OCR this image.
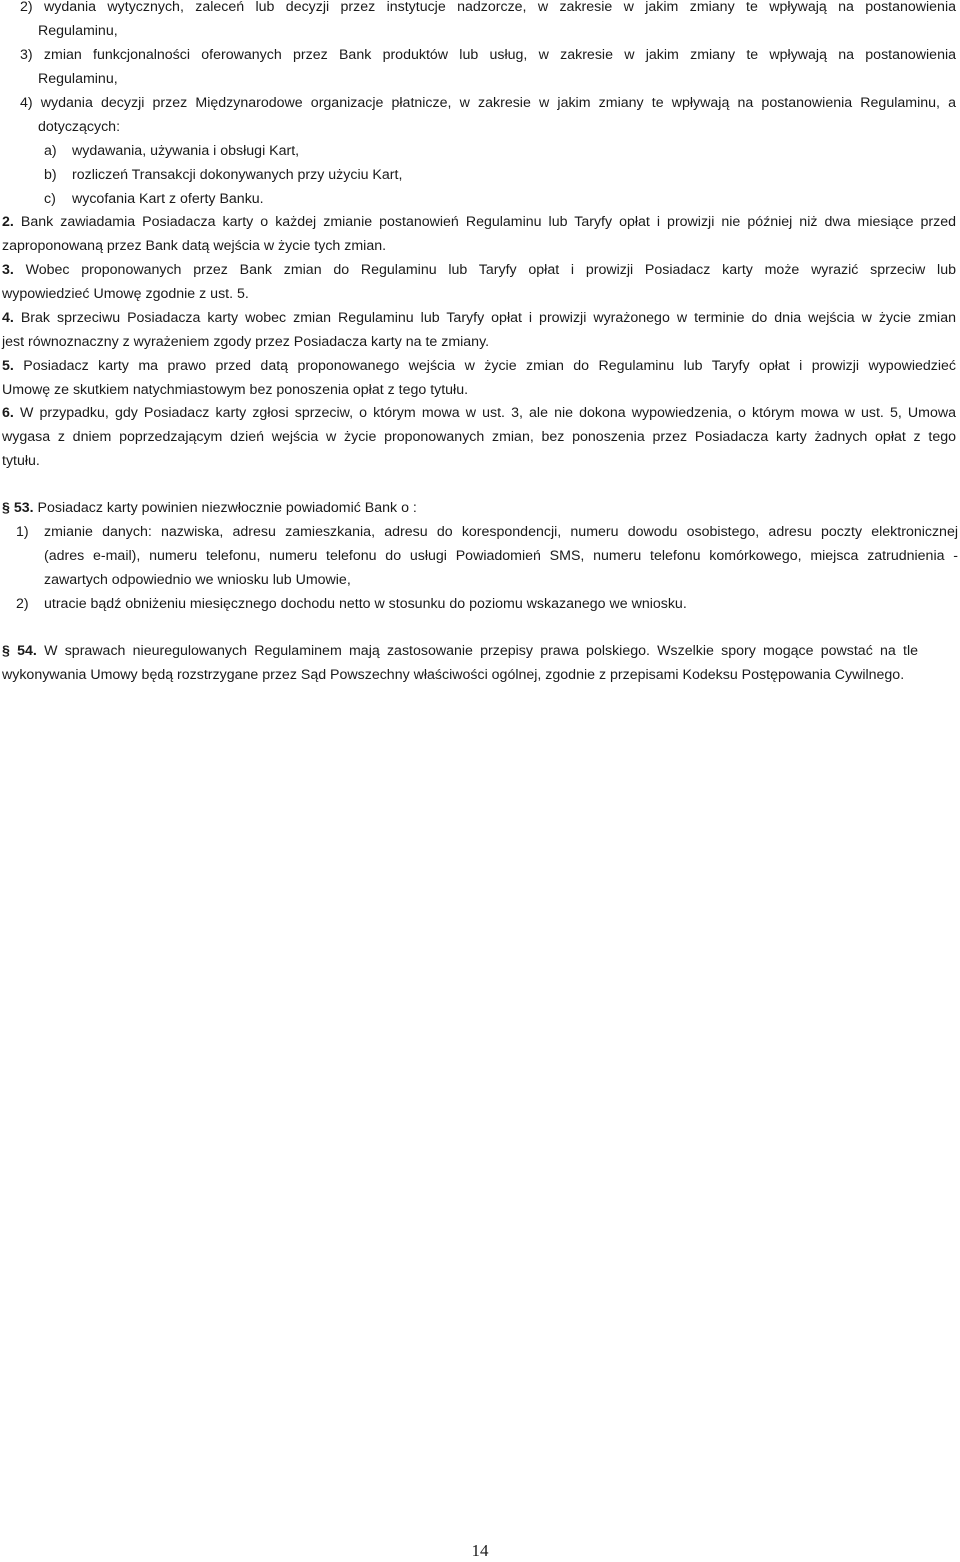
2) wydania wytycznych, zaleceń lub decyzji przez instytucje nadzorcze, w zakresie w jakim zmiany te wpływają na postanowienia
Regulaminu,
3) zmian funkcjonalności oferowanych przez Bank produktów lub usług, w zakresie w jakim zmiany te wpływają na postanowienia
Regulaminu,
4) wydania decyzji przez Międzynarodowe organizacje płatnicze, w zakresie w jakim zmiany te wpływają na postanowienia Regulaminu, a
dotyczących:
a) wydawania, używania i obsługi Kart,
b) rozliczeń Transakcji dokonywanych przy użyciu Kart,
c) wycofania Kart z oferty Banku.
2. Bank zawiadamia Posiadacza karty o każdej zmianie postanowień Regulaminu lub Taryfy opłat i prowizji nie później niż dwa miesiące przed
zaproponowaną przez Bank datą wejścia w życie tych zmian.
3. Wobec proponowanych przez Bank zmian do Regulaminu lub Taryfy opłat i prowizji Posiadacz karty może wyrazić sprzeciw lub
wypowiedzieć Umowę zgodnie z ust. 5.
4. Brak sprzeciwu Posiadacza karty wobec zmian Regulaminu lub Taryfy opłat i prowizji wyrażonego w terminie do dnia wejścia w życie zmian
jest równoznaczny z wyrażeniem zgody przez Posiadacza karty na te zmiany.
5. Posiadacz karty ma prawo przed datą proponowanego wejścia w życie zmian do Regulaminu lub Taryfy opłat i prowizji wypowiedzieć
Umowę ze skutkiem natychmiastowym bez ponoszenia opłat z tego tytułu.
6. W przypadku, gdy Posiadacz karty zgłosi sprzeciw, o którym mowa w ust. 3, ale nie dokona wypowiedzenia, o którym mowa w ust. 5, Umowa
wygasa z dniem poprzedzającym dzień wejścia w życie proponowanych zmian, bez ponoszenia przez Posiadacza karty żadnych opłat z tego
tytułu.
§ 53. Posiadacz karty powinien niezwłocznie powiadomić Bank o :
1) zmianie danych: nazwiska, adresu zamieszkania, adresu do korespondencji, numeru dowodu osobistego, adresu poczty elektronicznej
(adres e-mail), numeru telefonu, numeru telefonu do usługi Powiadomień SMS, numeru telefonu komórkowego, miejsca zatrudnienia -
zawartych odpowiednio we wniosku lub Umowie,
2) utracie bądź obniżeniu miesięcznego dochodu netto w stosunku do poziomu wskazanego we wniosku.
§ 54. W sprawach nieuregulowanych Regulaminem mają zastosowanie przepisy prawa polskiego. Wszelkie spory mogące powstać na tle
wykonywania Umowy będą rozstrzygane przez Sąd Powszechny właściwości ogólnej, zgodnie z przepisami Kodeksu Postępowania Cywilnego.
14
